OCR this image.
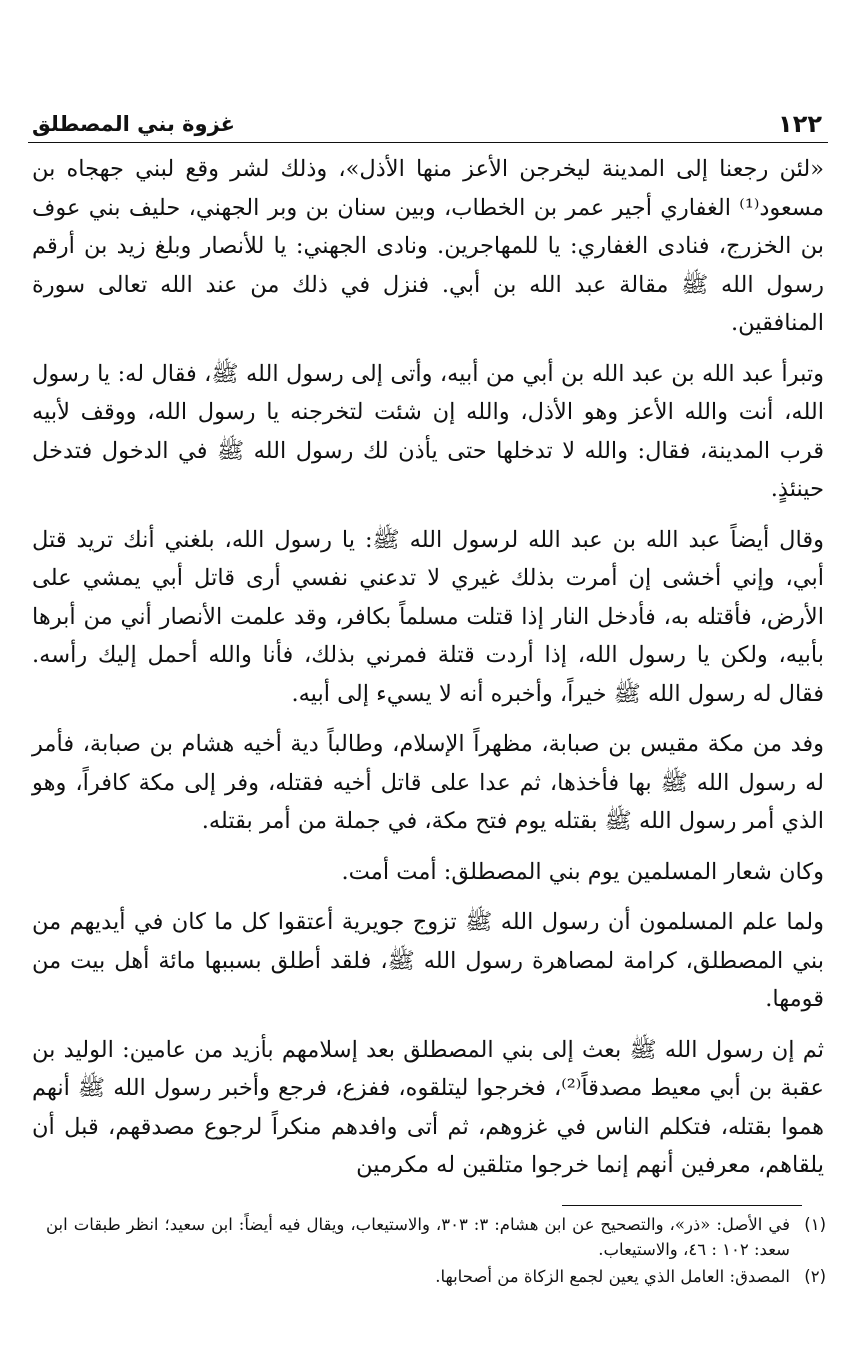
١٢٢
غزوة بني المصطلق

«لئن رجعنا إلى المدينة ليخرجن الأعز منها الأذل»، وذلك لشر وقع لبني جهجاه بن مسعود⁽¹⁾ الغفاري أجير عمر بن الخطاب، وبين سنان بن وبر الجهني، حليف بني عوف بن الخزرج، فنادى الغفاري: يا للمهاجرين. ونادى الجهني: يا للأنصار وبلغ زيد بن أرقم رسول الله ﷺ مقالة عبد الله بن أبي. فنزل في ذلك من عند الله تعالى سورة المنافقين.

وتبرأ عبد الله بن عبد الله بن أبي من أبيه، وأتى إلى رسول الله ﷺ، فقال له: يا رسول الله، أنت والله الأعز وهو الأذل، والله إن شئت لتخرجنه يا رسول الله، ووقف لأبيه قرب المدينة، فقال: والله لا تدخلها حتى يأذن لك رسول الله ﷺ في الدخول فتدخل حينئذٍ.

وقال أيضاً عبد الله بن عبد الله لرسول الله ﷺ: يا رسول الله، بلغني أنك تريد قتل أبي، وإني أخشى إن أمرت بذلك غيري لا تدعني نفسي أرى قاتل أبي يمشي على الأرض، فأقتله به، فأدخل النار إذا قتلت مسلماً بكافر، وقد علمت الأنصار أني من أبرها بأبيه، ولكن يا رسول الله، إذا أردت قتلة فمرني بذلك، فأنا والله أحمل إليك رأسه. فقال له رسول الله ﷺ خيراً، وأخبره أنه لا يسيء إلى أبيه.

وفد من مكة مقيس بن صبابة، مظهراً الإسلام، وطالباً دية أخيه هشام بن صبابة، فأمر له رسول الله ﷺ بها فأخذها، ثم عدا على قاتل أخيه فقتله، وفر إلى مكة كافراً، وهو الذي أمر رسول الله ﷺ بقتله يوم فتح مكة، في جملة من أمر بقتله.

وكان شعار المسلمين يوم بني المصطلق: أمت أمت.

ولما علم المسلمون أن رسول الله ﷺ تزوج جويرية أعتقوا كل ما كان في أيديهم من بني المصطلق، كرامة لمصاهرة رسول الله ﷺ، فلقد أطلق بسببها مائة أهل بيت من قومها.

ثم إن رسول الله ﷺ بعث إلى بني المصطلق بعد إسلامهم بأزيد من عامين: الوليد بن عقبة بن أبي معيط مصدقاً⁽²⁾، فخرجوا ليتلقوه، ففزع، فرجع وأخبر رسول الله ﷺ أنهم هموا بقتله، فتكلم الناس في غزوهم، ثم أتى وافدهم منكراً لرجوع مصدقهم، قبل أن يلقاهم، معرفين أنهم إنما خرجوا متلقين له مكرمين

(١)
في الأصل: «ذر»، والتصحيح عن ابن هشام: ٣: ٣٠٣، والاستيعاب، ويقال فيه أيضاً: ابن سعيد؛ انظر طبقات ابن سعد: ١٠٢ : ٤٦، والاستيعاب.
(٢)
المصدق: العامل الذي يعين لجمع الزكاة من أصحابها.
